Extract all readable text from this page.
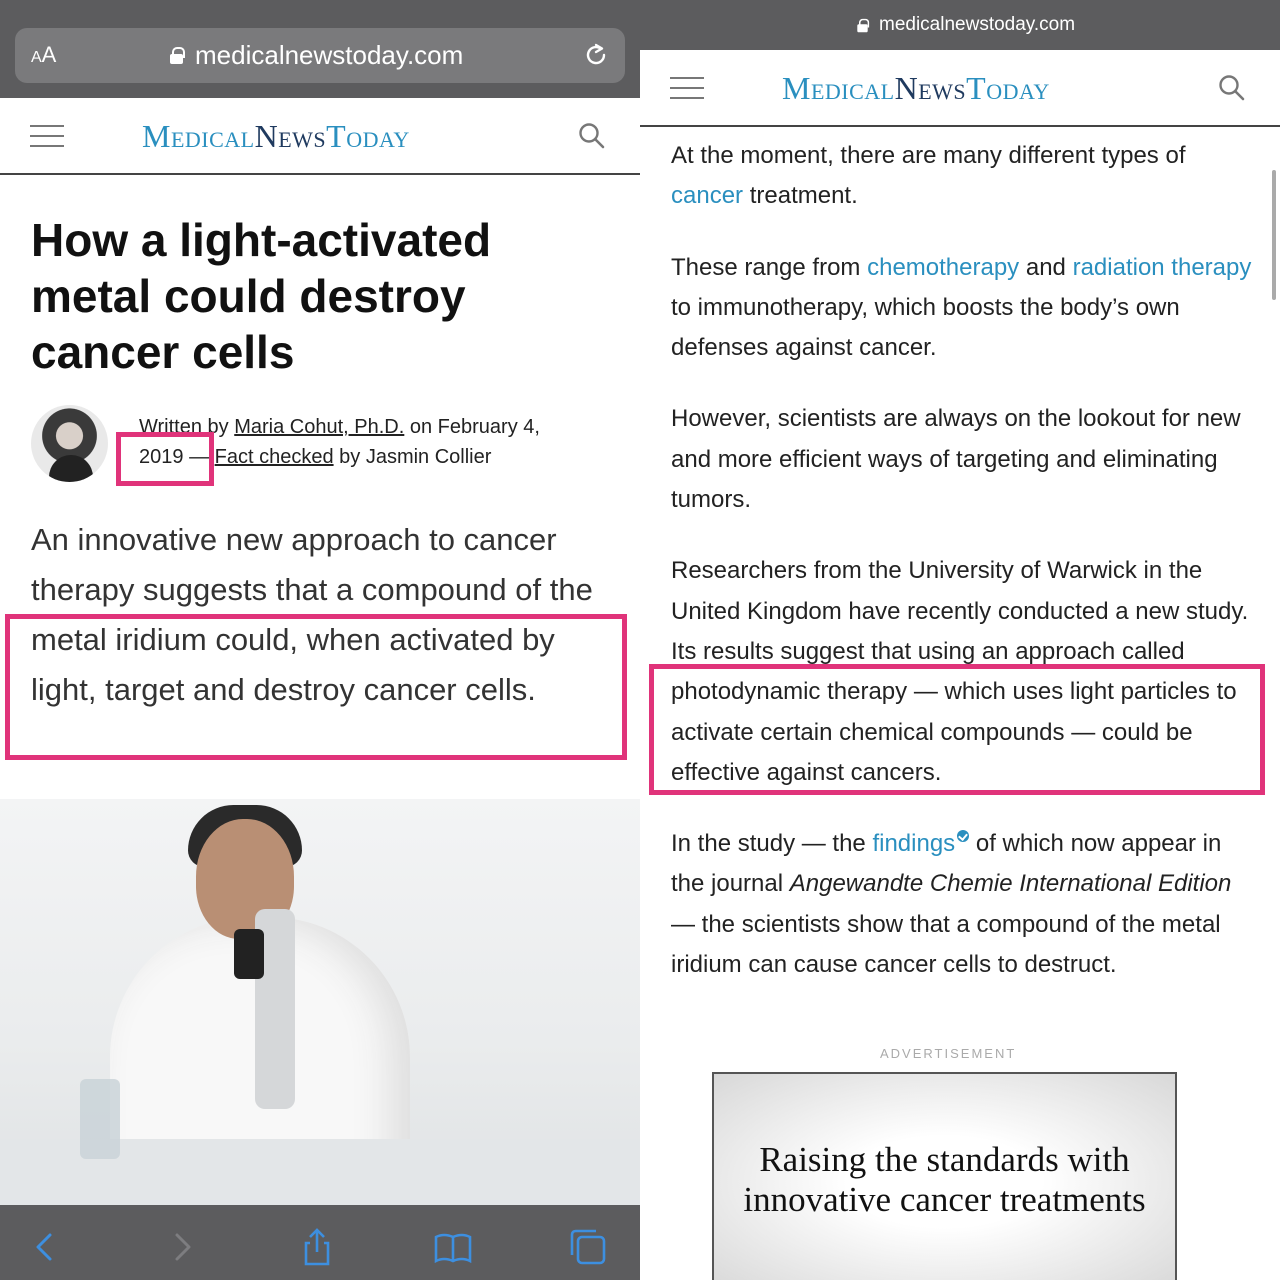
AA	medicalnewstoday.com
MedicalNewsToday
How a light-activated metal could destroy cancer cells
Written by Maria Cohut, Ph.D. on February 4,
2019 — Fact checked by Jasmin Collier

An innovative new approach to cancer therapy suggests that a compound of the metal iridium could, when activated by light, target and destroy cancer cells.

medicalnewstoday.com
MedicalNewsToday

At the moment, there are many different types of cancer treatment.

These range from chemotherapy and radiation therapy to immunotherapy, which boosts the body’s own defenses against cancer.

However, scientists are always on the lookout for new and more efficient ways of targeting and eliminating tumors.

Researchers from the University of Warwick in the United Kingdom have recently conducted a new study. Its results suggest that using an approach called photodynamic therapy — which uses light particles to activate certain chemical compounds — could be effective against cancers.

In the study — the findings of which now appear in the journal Angewandte Chemie International Edition — the scientists show that a compound of the metal iridium can cause cancer cells to destruct.

ADVERTISEMENT
Raising the standards with innovative cancer treatments
